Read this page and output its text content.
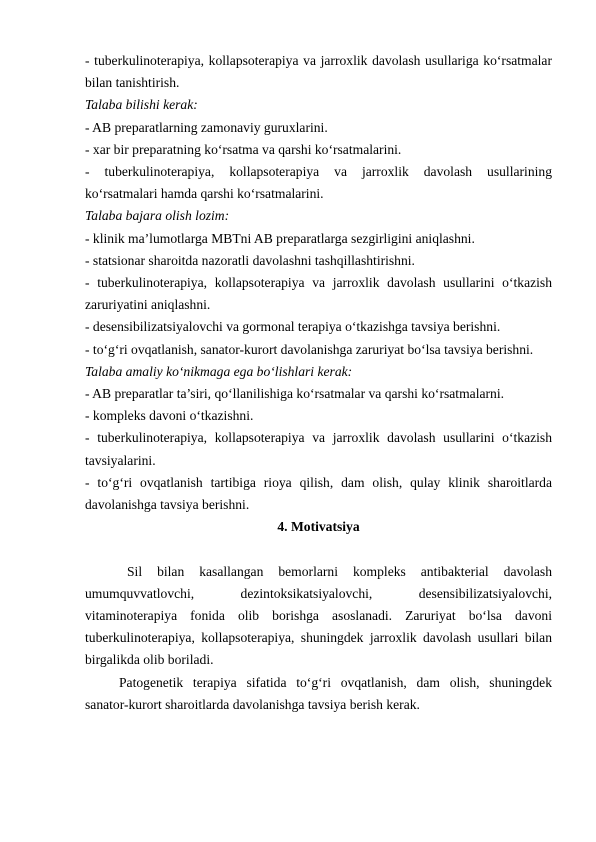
- tuberkulinoterapiya, kollapsoterapiya va jarroxlik davolash usullariga ko‘rsatmalar bilan tanishtirish.

Talaba bilishi kerak:

- AB preparatlarning zamonaviy guruxlarini.

- xar bir preparatning ko‘rsatma va qarshi ko‘rsatmalarini.

- tuberkulinoterapiya, kollapsoterapiya va jarroxlik davolash usullarining ko‘rsatmalari hamda qarshi ko‘rsatmalarini.

Talaba bajara olish lozim:

- klinik ma’lumotlarga MBTni AB preparatlarga sezgirligini aniqlashni.

- statsionar sharoitda nazoratli davolashni tashqillashtirishni.

- tuberkulinoterapiya, kollapsoterapiya va jarroxlik davolash usullarini o‘tkazish zaruriyatini aniqlashni.

- desensibilizatsiyalovchi va gormonal terapiya o‘tkazishga tavsiya berishni.

- to‘g‘ri ovqatlanish, sanator-kurort davolanishga zaruriyat bo‘lsa tavsiya berishni.

Talaba amaliy ko‘nikmaga ega bo‘lishlari kerak:

- AB preparatlar ta’siri, qo‘llanilishiga ko‘rsatmalar va qarshi ko‘rsatmalarni.

- kompleks davoni o‘tkazishni.

- tuberkulinoterapiya, kollapsoterapiya va jarroxlik davolash usullarini o‘tkazish tavsiyalarini.

- to‘g‘ri ovqatlanish tartibiga rioya qilish, dam olish, qulay klinik sharoitlarda davolanishga tavsiya berishni.

4. Motivatsiya

Sil bilan kasallangan bemorlarni kompleks antibakterial davolash umumquvvatlovchi, dezintoksikatsiyalovchi, desensibilizatsiyalovchi, vitaminoterapiya fonida olib borishga asoslanadi. Zaruriyat bo‘lsa davoni tuberkulinoterapiya, kollapsoterapiya, shuningdek jarroxlik davolash usullari bilan birgalikda olib boriladi.

Patogenetik terapiya sifatida to‘g‘ri ovqatlanish, dam olish, shuningdek sanator-kurort sharoitlarda davolanishga tavsiya berish kerak.
